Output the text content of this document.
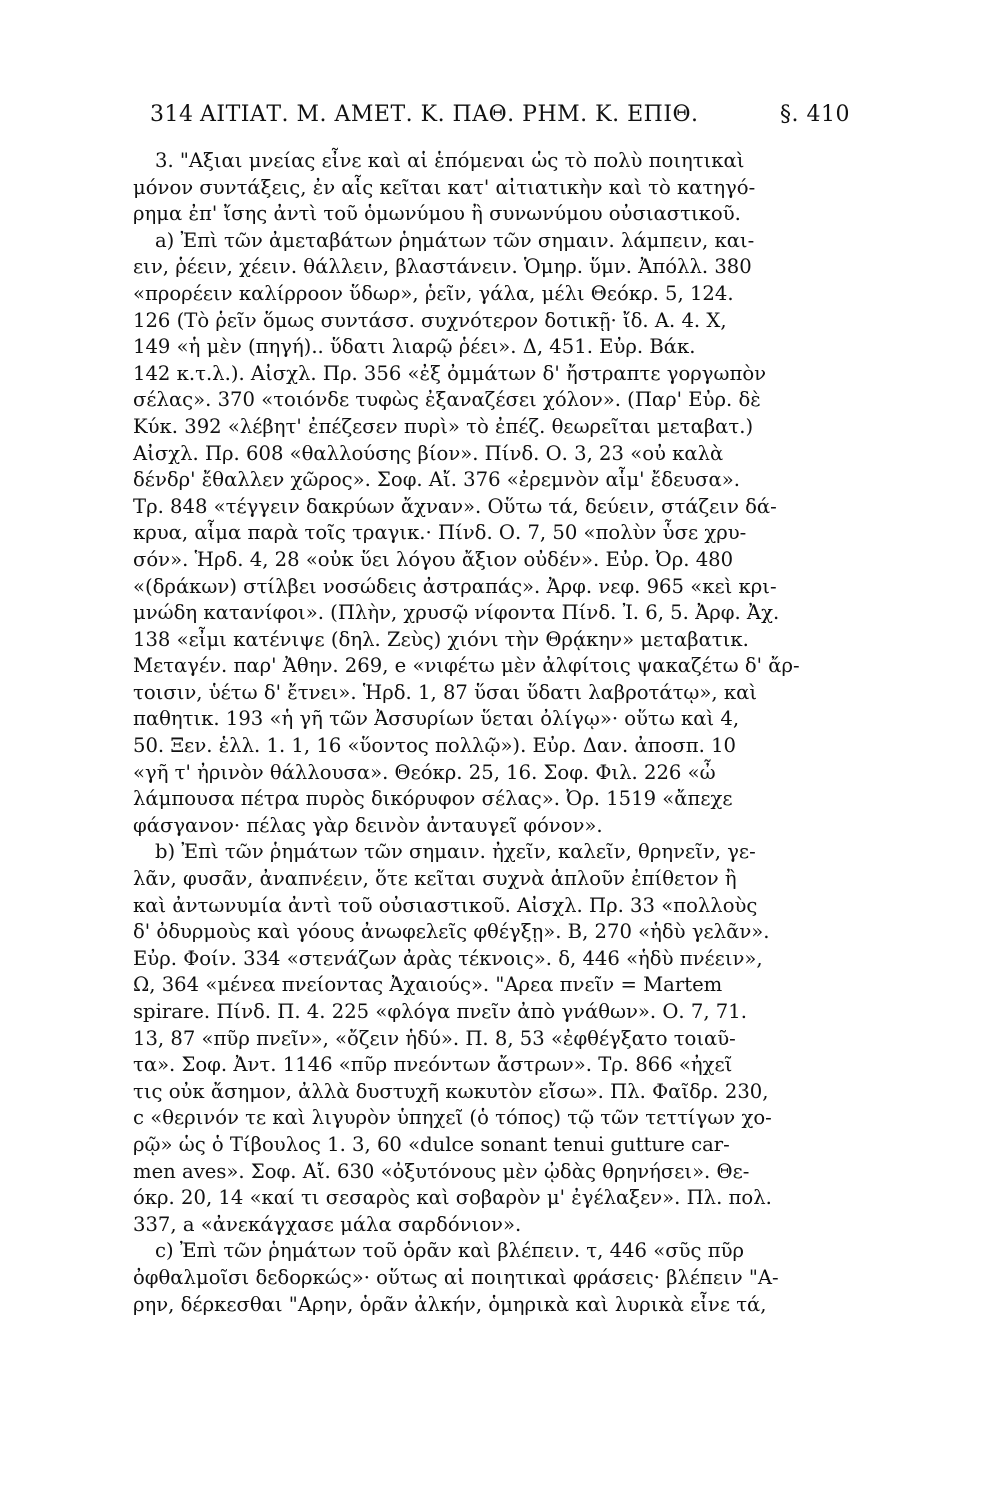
314 ΑΙΤΙΑΤ. Μ. ΑΜΕΤ. Κ. ΠΑΘ. ΡΗΜ. Κ. ΕΠΙΘ.	§. 410
3. "Αξιαι μνείας εἶνε καὶ αἱ ἑπόμεναι ὡς τὸ πολὺ ποιητικαὶ
μόνον συντάξεις, ἐν αἷς κεῖται κατ' αἰτιατικὴν καὶ τὸ κατηγό-
ρημα ἐπ' ἴσης ἀντὶ τοῦ ὁμωνύμου ἢ συνωνύμου οὐσιαστικοῦ.
a) Ἐπὶ τῶν ἀμεταβάτων ῥημάτων τῶν σημαιν. λάμπειν, και-
ειν, ῥέειν, χέειν. θάλλειν, βλαστάνειν. Ὁμηρ. ὕμν. Ἀπόλλ. 380
«προρέειν καλίρροον ὕδωρ», ῥεῖν, γάλα, μέλι Θεόκρ. 5, 124.
126 (Τὸ ῥεῖν ὅμως συντάσσ. συχνότερον δοτικῇ· ἴδ. Α. 4. Χ,
149 «ἡ μὲν (πηγή).. ὕδατι λιαρῷ ῥέει». Δ, 451. Εὐρ. Βάκ.
142 κ.τ.λ.). Αἰσχλ. Πρ. 356 «ἐξ ὀμμάτων δ' ἤστραπτε γοργωπὸν
σέλας». 370 «τοιόνδε τυφὼς ἐξαναζέσει χόλον». (Παρ' Εὐρ. δὲ
Κύκ. 392 «λέβητ' ἐπέζεσεν πυρὶ» τὸ ἐπέζ. θεωρεῖται μεταβατ.)
Αἰσχλ. Πρ. 608 «θαλλούσης βίον». Πίνδ. Ο. 3, 23 «οὐ καλὰ
δένδρ' ἔθαλλεν χῶρος». Σοφ. Αἴ. 376 «ἐρεμνὸν αἷμ' ἔδευσα».
Τρ. 848 «τέγγειν δακρύων ἄχναν». Οὕτω τά, δεύειν, στάζειν δά-
κρυα, αἷμα παρὰ τοῖς τραγικ.· Πίνδ. Ο. 7, 50 «πολὺν ὗσε χρυ-
σόν». Ἡρδ. 4, 28 «οὐκ ὕει λόγου ἄξιον οὐδέν». Εὐρ. Ὀρ. 480
«(δράκων) στίλβει νοσώδεις ἀστραπάς». Ἀρφ. νεφ. 965 «κεὶ κρι-
μνώδη κατανίφοι». (Πλὴν, χρυσῷ νίφοντα Πίνδ. Ἰ. 6, 5. Ἀρφ. Ἀχ.
138 «εἶμι κατένιψε (δηλ. Ζεὺς) χιόνι τὴν Θρᾴκην» μεταβατικ.
Μεταγέν. παρ' Ἀθην. 269, e «νιφέτω μὲν ἀλφίτοις ψακαζέτω δ' ἄρ-
τοισιν, ὑέτω δ' ἔτνει». Ἡρδ. 1, 87 ὕσαι ὕδατι λαβροτάτῳ», καὶ
παθητικ. 193 «ἡ γῆ τῶν Ἀσσυρίων ὕεται ὀλίγῳ»· οὕτω καὶ 4,
50. Ξεν. ἑλλ. 1. 1, 16 «ὕοντος πολλῷ»). Εὐρ. Δαν. ἀποσπ. 10
«γῆ τ' ἠρινὸν θάλλουσα». Θεόκρ. 25, 16. Σοφ. Φιλ. 226 «ὦ
λάμπουσα πέτρα πυρὸς δικόρυφον σέλας». Ὀρ. 1519 «ἄπεχε
φάσγανον· πέλας γὰρ δεινὸν ἀνταυγεῖ φόνον».
b) Ἐπὶ τῶν ῥημάτων τῶν σημαιν. ἠχεῖν, καλεῖν, θρηνεῖν, γε-
λᾶν, φυσᾶν, ἀναπνέειν, ὅτε κεῖται συχνὰ ἁπλοῦν ἐπίθετον ἢ
καὶ ἀντωνυμία ἀντὶ τοῦ οὐσιαστικοῦ. Αἰσχλ. Πρ. 33 «πολλοὺς
δ' ὀδυρμοὺς καὶ γόους ἀνωφελεῖς φθέγξῃ». Β, 270 «ἡδὺ γελᾶν».
Εὐρ. Φοίν. 334 «στενάζων ἀρὰς τέκνοις». δ, 446 «ἡδὺ πνέειν»,
Ω, 364 «μένεα πνείοντας Ἀχαιούς». "Αρεα πνεῖν = Martem
spirare. Πίνδ. Π. 4. 225 «φλόγα πνεῖν ἀπὸ γνάθων». Ο. 7, 71.
13, 87 «πῦρ πνεῖν», «ὄζειν ἡδύ». Π. 8, 53 «ἐφθέγξατο τοιαῦ-
τα». Σοφ. Ἀντ. 1146 «πῦρ πνεόντων ἄστρων». Τρ. 866 «ἠχεῖ
τις οὐκ ἄσημον, ἀλλὰ δυστυχῆ κωκυτὸν εἴσω». Πλ. Φαῖδρ. 230,
c «θερινόν τε καὶ λιγυρὸν ὑπηχεῖ (ὁ τόπος) τῷ τῶν τεττίγων χο-
ρῷ» ὡς ὁ Τίβουλος 1. 3, 60 «dulce sonant tenui gutture car-
men aves». Σοφ. Αἴ. 630 «ὀξυτόνους μὲν ᾠδὰς θρηνήσει». Θε-
όκρ. 20, 14 «καί τι σεσαρὸς καὶ σοβαρὸν μ' ἐγέλαξεν». Πλ. πολ.
337, a «ἀνεκάγχασε μάλα σαρδόνιον».
c) Ἐπὶ τῶν ῥημάτων τοῦ ὁρᾶν καὶ βλέπειν. τ, 446 «σῦς πῦρ
ὀφθαλμοῖσι δεδορκώς»· οὕτως αἱ ποιητικαὶ φράσεις· βλέπειν "Α-
ρην, δέρκεσθαι "Αρην, ὁρᾶν ἀλκήν, ὁμηρικὰ καὶ λυρικὰ εἶνε τά,
